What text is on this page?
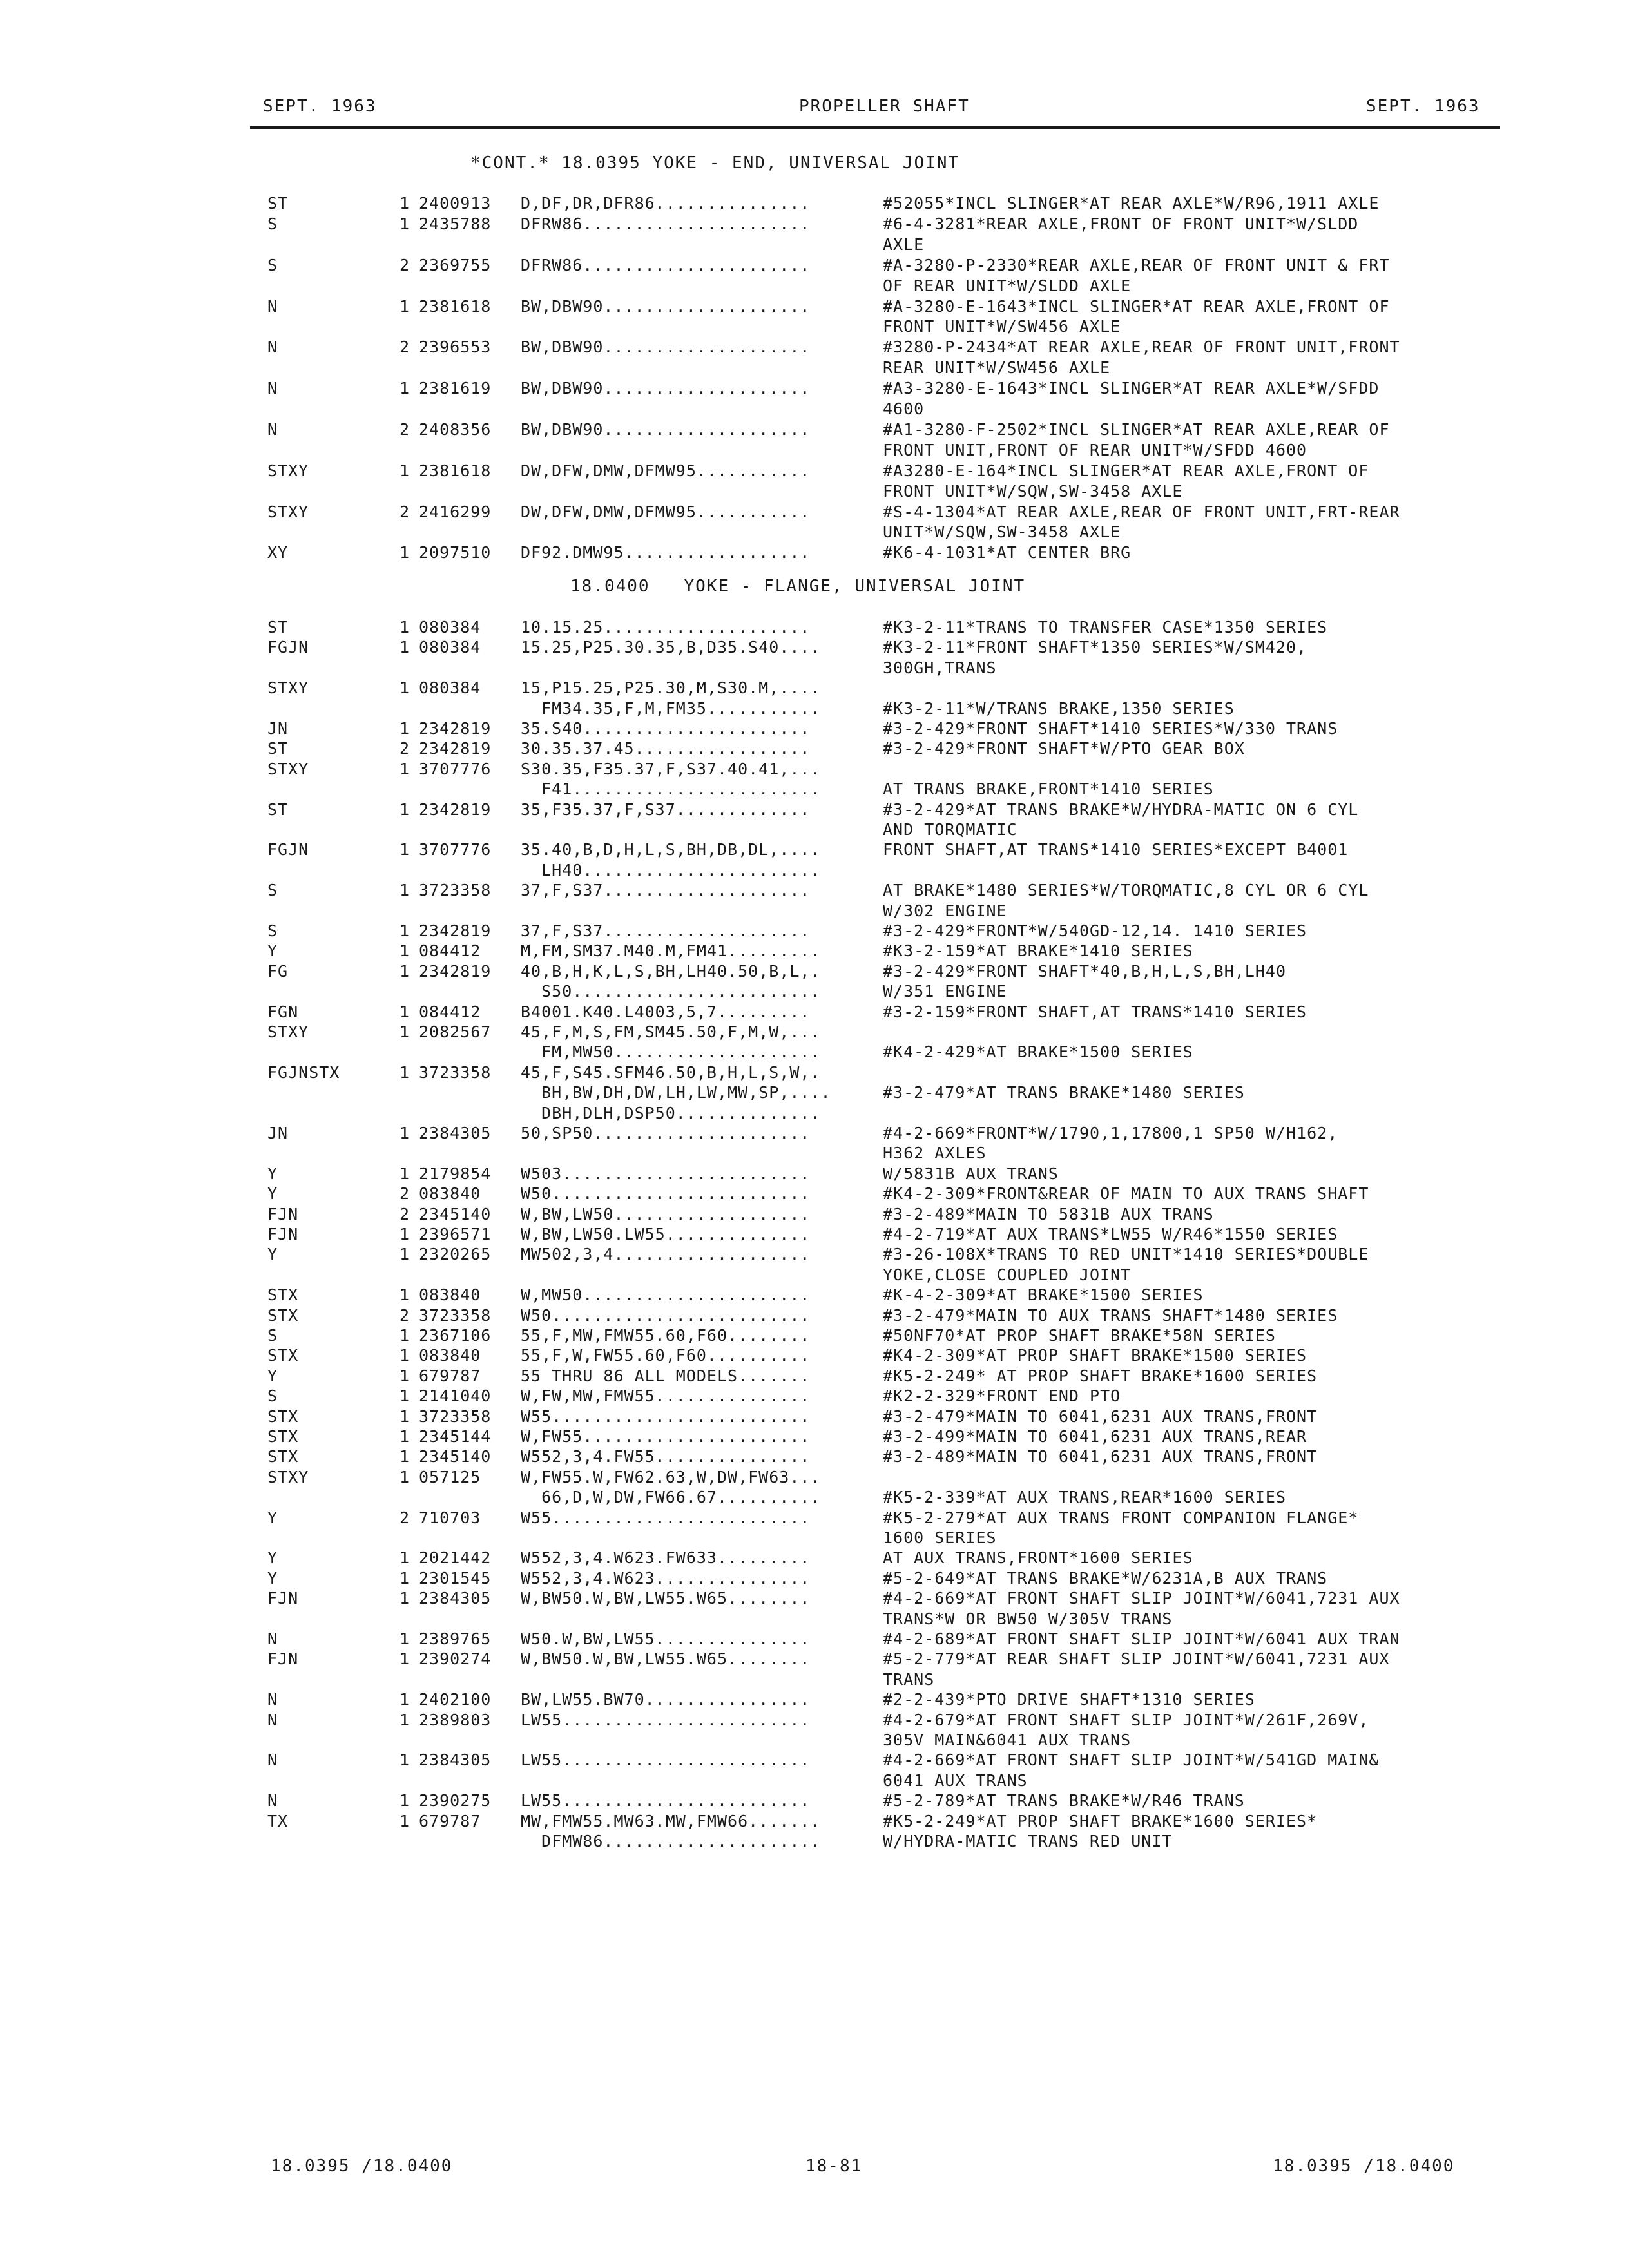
SEPT. 1963	PROPELLER SHAFT	SEPT. 1963
*CONT.* 18.0395 YOKE - END, UNIVERSAL JOINT
ST	1 2400913 D,DF,DR,DFR86...............	#52055*INCL SLINGER*AT REAR AXLE*W/R96,1911 AXLE
S	1 2435788 DFRW86......................	#6-4-3281*REAR AXLE,FRONT OF FRONT UNIT*W/SLDD
AXLE
S	2 2369755 DFRW86......................	#A-3280-P-2330*REAR AXLE,REAR OF FRONT UNIT & FRT
OF REAR UNIT*W/SLDD AXLE
N	1 2381618 BW,DBW90....................	#A-3280-E-1643*INCL SLINGER*AT REAR AXLE,FRONT OF
FRONT UNIT*W/SW456 AXLE
N	2 2396553 BW,DBW90....................	#3280-P-2434*AT REAR AXLE,REAR OF FRONT UNIT,FRONT
REAR UNIT*W/SW456 AXLE
N	1 2381619 BW,DBW90....................	#A3-3280-E-1643*INCL SLINGER*AT REAR AXLE*W/SFDD
4600
N	2 2408356 BW,DBW90....................	#A1-3280-F-2502*INCL SLINGER*AT REAR AXLE,REAR OF
FRONT UNIT,FRONT OF REAR UNIT*W/SFDD 4600
STXY	1 2381618 DW,DFW,DMW,DFMW95...........	#A3280-E-164*INCL SLINGER*AT REAR AXLE,FRONT OF
FRONT UNIT*W/SQW,SW-3458 AXLE
STXY	2 2416299 DW,DFW,DMW,DFMW95...........	#S-4-1304*AT REAR AXLE,REAR OF FRONT UNIT,FRT-REAR
UNIT*W/SQW,SW-3458 AXLE
XY	1 2097510 DF92.DMW95..................	#K6-4-1031*AT CENTER BRG
18.0400   YOKE - FLANGE, UNIVERSAL JOINT
ST	1 080384 10.15.25....................	#K3-2-11*TRANS TO TRANSFER CASE*1350 SERIES
FGJN	1 080384 15.25,P25.30.35,B,D35.S40....	#K3-2-11*FRONT SHAFT*1350 SERIES*W/SM420,
300GH,TRANS
STXY	1 080384 15,P15.25,P25.30,M,S30.M,....
FM34.35,F,M,FM35...........	#K3-2-11*W/TRANS BRAKE,1350 SERIES
JN	1 2342819 35.S40......................	#3-2-429*FRONT SHAFT*1410 SERIES*W/330 TRANS
ST	2 2342819 30.35.37.45.................	#3-2-429*FRONT SHAFT*W/PTO GEAR BOX
STXY	1 3707776 S30.35,F35.37,F,S37.40.41,...
F41........................	AT TRANS BRAKE,FRONT*1410 SERIES
ST	1 2342819 35,F35.37,F,S37.............	#3-2-429*AT TRANS BRAKE*W/HYDRA-MATIC ON 6 CYL
AND TORQMATIC
FGJN	1 3707776 35.40,B,D,H,L,S,BH,DB,DL,....	FRONT SHAFT,AT TRANS*1410 SERIES*EXCEPT B4001
LH40.......................
S	1 3723358 37,F,S37....................	AT BRAKE*1480 SERIES*W/TORQMATIC,8 CYL OR 6 CYL
W/302 ENGINE
S	1 2342819 37,F,S37....................	#3-2-429*FRONT*W/540GD-12,14. 1410 SERIES
Y	1 084412 M,FM,SM37.M40.M,FM41.........	#K3-2-159*AT BRAKE*1410 SERIES
FG	1 2342819 40,B,H,K,L,S,BH,LH40.50,B,L,.	#3-2-429*FRONT SHAFT*40,B,H,L,S,BH,LH40
S50........................	W/351 ENGINE
FGN	1 084412 B4001.K40.L4003,5,7.........	#3-2-159*FRONT SHAFT,AT TRANS*1410 SERIES
STXY	1 2082567 45,F,M,S,FM,SM45.50,F,M,W,...
FM,MW50....................	#K4-2-429*AT BRAKE*1500 SERIES
FGJNSTX	1 3723358 45,F,S45.SFM46.50,B,H,L,S,W,.
BH,BW,DH,DW,LH,LW,MW,SP,....	#3-2-479*AT TRANS BRAKE*1480 SERIES
DBH,DLH,DSP50..............
JN	1 2384305 50,SP50.....................	#4-2-669*FRONT*W/1790,1,17800,1 SP50 W/H162,
H362 AXLES
Y	1 2179854 W503........................	W/5831B AUX TRANS
Y	2 083840 W50.........................	#K4-2-309*FRONT&REAR OF MAIN TO AUX TRANS SHAFT
FJN	2 2345140 W,BW,LW50...................	#3-2-489*MAIN TO 5831B AUX TRANS
FJN	1 2396571 W,BW,LW50.LW55..............	#4-2-719*AT AUX TRANS*LW55 W/R46*1550 SERIES
Y	1 2320265 MW502,3,4...................	#3-26-108X*TRANS TO RED UNIT*1410 SERIES*DOUBLE
YOKE,CLOSE COUPLED JOINT
STX	1 083840 W,MW50......................	#K-4-2-309*AT BRAKE*1500 SERIES
STX	2 3723358 W50.........................	#3-2-479*MAIN TO AUX TRANS SHAFT*1480 SERIES
S	1 2367106 55,F,MW,FMW55.60,F60........	#50NF70*AT PROP SHAFT BRAKE*58N SERIES
STX	1 083840 55,F,W,FW55.60,F60..........	#K4-2-309*AT PROP SHAFT BRAKE*1500 SERIES
Y	1 679787 55 THRU 86 ALL MODELS.......	#K5-2-249* AT PROP SHAFT BRAKE*1600 SERIES
S	1 2141040 W,FW,MW,FMW55...............	#K2-2-329*FRONT END PTO
STX	1 3723358 W55.........................	#3-2-479*MAIN TO 6041,6231 AUX TRANS,FRONT
STX	1 2345144 W,FW55......................	#3-2-499*MAIN TO 6041,6231 AUX TRANS,REAR
STX	1 2345140 W552,3,4.FW55...............	#3-2-489*MAIN TO 6041,6231 AUX TRANS,FRONT
STXY	1 057125 W,FW55.W,FW62.63,W,DW,FW63...
66,D,W,DW,FW66.67..........	#K5-2-339*AT AUX TRANS,REAR*1600 SERIES
Y	2 710703 W55.........................	#K5-2-279*AT AUX TRANS FRONT COMPANION FLANGE*
1600 SERIES
Y	1 2021442 W552,3,4.W623.FW633.........	AT AUX TRANS,FRONT*1600 SERIES
Y	1 2301545 W552,3,4.W623...............	#5-2-649*AT TRANS BRAKE*W/6231A,B AUX TRANS
FJN	1 2384305 W,BW50.W,BW,LW55.W65........	#4-2-669*AT FRONT SHAFT SLIP JOINT*W/6041,7231 AUX
TRANS*W OR BW50 W/305V TRANS
N	1 2389765 W50.W,BW,LW55...............	#4-2-689*AT FRONT SHAFT SLIP JOINT*W/6041 AUX TRAN
FJN	1 2390274 W,BW50.W,BW,LW55.W65........	#5-2-779*AT REAR SHAFT SLIP JOINT*W/6041,7231 AUX
TRANS
N	1 2402100 BW,LW55.BW70................	#2-2-439*PTO DRIVE SHAFT*1310 SERIES
N	1 2389803 LW55........................	#4-2-679*AT FRONT SHAFT SLIP JOINT*W/261F,269V,
305V MAIN&6041 AUX TRANS
N	1 2384305 LW55........................	#4-2-669*AT FRONT SHAFT SLIP JOINT*W/541GD MAIN&
6041 AUX TRANS
N	1 2390275 LW55........................	#5-2-789*AT TRANS BRAKE*W/R46 TRANS
TX	1 679787 MW,FMW55.MW63.MW,FMW66.......	#K5-2-249*AT PROP SHAFT BRAKE*1600 SERIES*
DFMW86.....................	W/HYDRA-MATIC TRANS RED UNIT
18.0395 /18.0400	18-81	18.0395 /18.0400
